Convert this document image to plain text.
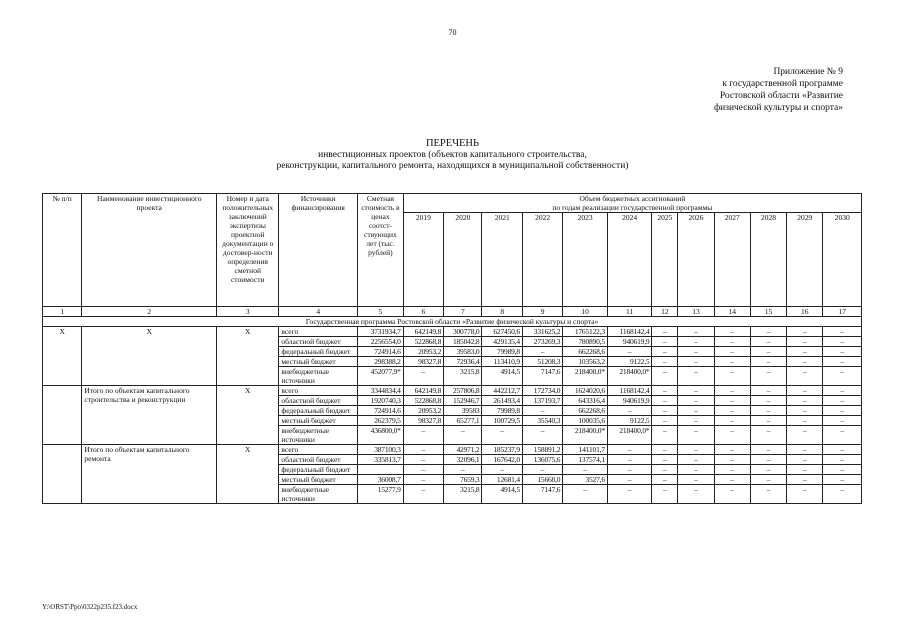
70
Приложение № 9
к государственной программе
Ростовской области «Развитие
физической культуры и спорта»
ПЕРЕЧЕНЬ
инвестиционных проектов (объектов капитального строительства,
реконструкции, капитального ремонта, находящихся в муниципальной собственности)
№ п/п	Наименование инвестиционного проекта	Номер и дата положительных заключений экспертизы проектной документации о достовер-ности определения сметной стоимости	Источники финансирования	Сметная стоимость в ценах соотст-ствующих лет (тыс. рублей)	Объем бюджетных ассигнований
по годам реализации государственной программы											

					2019	2020	2021	2022	2023	2024	2025	2026	2027	2028	2029	2030
1	2	3	4	5	6	7	8	9	10	11	12	13	14	15	16	17
Государственная программа Ростовской области «Развитие физической культуры и спорта»																
X	X	X	всего	3731934,7	642149,8	300778,0	627450,6	331625,2	1765122,3	1168142,4	–	–	–	–	–	–
			областной бюджет	2256554,0	522868,8	185042,8	429135,4	273269,3	780890,5	940619,9	–	–	–	–	–	–
			федеральный бюджет	724914,6	20953,2	39583,0	79989,8	–	662268,6	–	–	–	–	–	–	–
			местный бюджет	298388,2	98327,8	72936,4	113410,9	51208,3	103563,2	9122,5	–	–	–	–	–	–
			внебюджетные источники	452077,9*	–	3215,8	4914,5	7147,6	218400,0*	218400,0*	–	–	–	–	–	–
	Итого по объектам капитального строительства и реконструкции	X	всего	3344834,4	642149,8	257806,8	442212,7	172734,0	1624020,6	1168142,4	–	–	–	–	–	–
			областной бюджет	1920740,3	522868,8	152946,7	261493,4	137193,7	643316,4	940619,9	–	–	–	–	–	–
			федеральный бюджет	724914,6	20953,2	39583	79989,8	–	662268,6	–	–	–	–	–	–	–
			местный бюджет	262379,5	98327,8	65277,1	100729,5	35540,3	100035,6	9122,5	–	–	–	–	–	–
			внебюджетные источники	436800,0*	–	–	–	–	218400,0*	218400,0*	–	–	–	–	–	–
	Итого по объектам капитального ремонта	X	всего	387100,3	–	42971,2	185237,9	158891,2	141101,7	–	–	–	–	–	–	–
			областной бюджет	335813,7	–	32096,1	167642,0	136075,6	137574,1	–	–	–	–	–	–	–
			федеральный бюджет		–	–	–	–	–	–	–	–	–	–	–	–
			местный бюджет	36008,7	–	7659,3	12681,4	15668,0	3527,6	–	–	–	–	–	–	–
			внебюджетные источники	15277,9	–	3215,8	4914,5	7147,6	–	–	–	–	–	–	–	–
Y:\ORST\Ppo\0322p235.f23.docx
